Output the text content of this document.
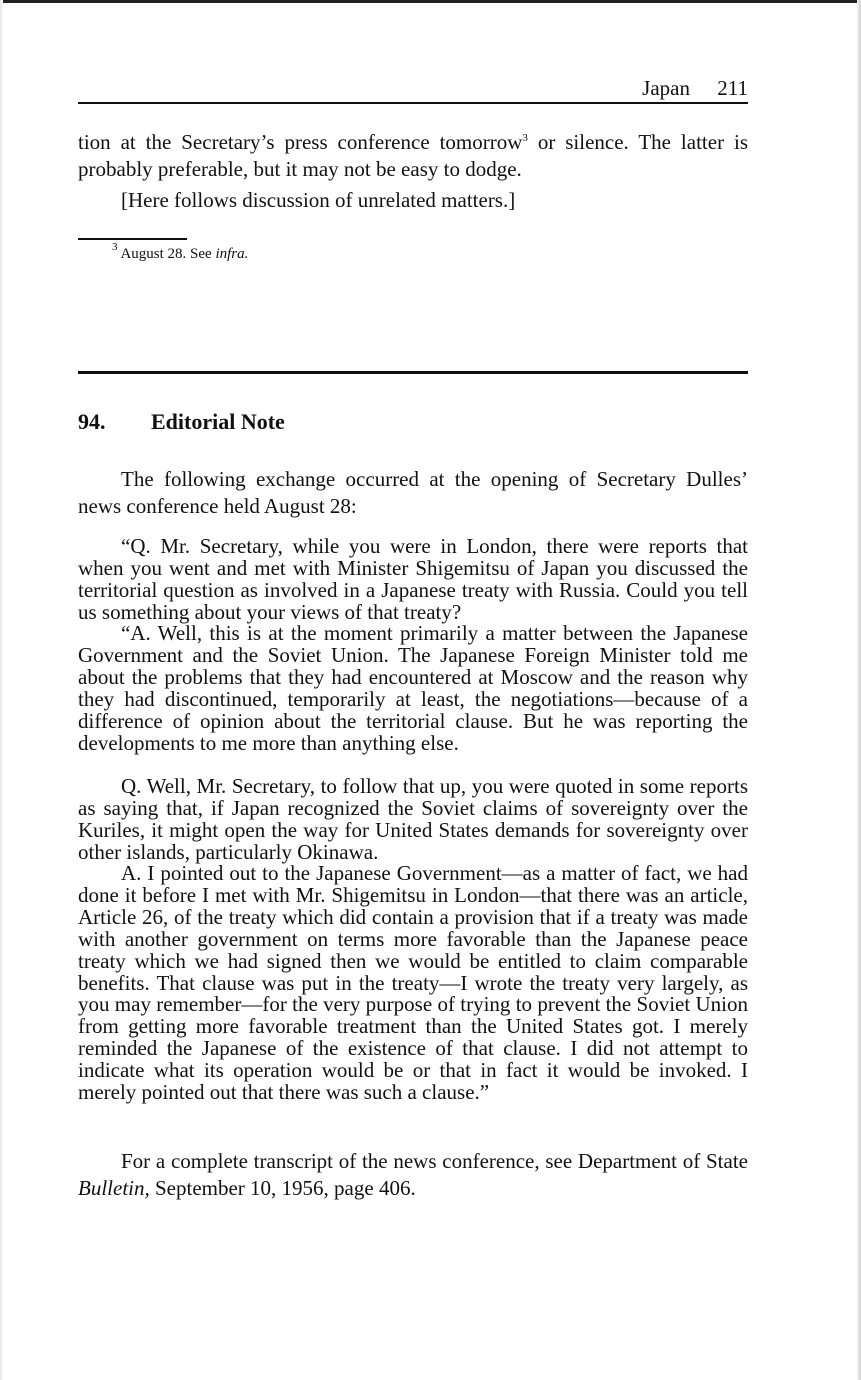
Japan 211

tion at the Secretary’s press conference tomorrow$^3$ or silence. The latter is probably preferable, but it may not be easy to dodge.

[Here follows discussion of unrelated matters.]

$^3$ August 28. See infra.
94. Editorial Note

The following exchange occurred at the opening of Secretary Dulles’ news conference held August 28:

“Q. Mr. Secretary, while you were in London, there were reports that when you went and met with Minister Shigemitsu of Japan you discussed the territorial question as involved in a Japanese treaty with Russia. Could you tell us something about your views of that treaty?

“A. Well, this is at the moment primarily a matter between the Japanese Government and the Soviet Union. The Japanese Foreign Minister told me about the problems that they had encountered at Moscow and the reason why they had discontinued, temporarily at least, the negotiations—because of a difference of opinion about the territorial clause. But he was reporting the developments to me more than anything else.

Q. Well, Mr. Secretary, to follow that up, you were quoted in some reports as saying that, if Japan recognized the Soviet claims of sovereignty over the Kuriles, it might open the way for United States demands for sovereignty over other islands, particularly Okinawa.

A. I pointed out to the Japanese Government—as a matter of fact, we had done it before I met with Mr. Shigemitsu in London—that there was an article, Article 26, of the treaty which did contain a provision that if a treaty was made with another government on terms more favorable than the Japanese peace treaty which we had signed then we would be entitled to claim comparable benefits. That clause was put in the treaty—I wrote the treaty very largely, as you may remember—for the very purpose of trying to prevent the Soviet Union from getting more favorable treatment than the United States got. I merely reminded the Japanese of the existence of that clause. I did not attempt to indicate what its operation would be or that in fact it would be invoked. I merely pointed out that there was such a clause.”

For a complete transcript of the news conference, see Department of State Bulletin, September 10, 1956, page 406.
